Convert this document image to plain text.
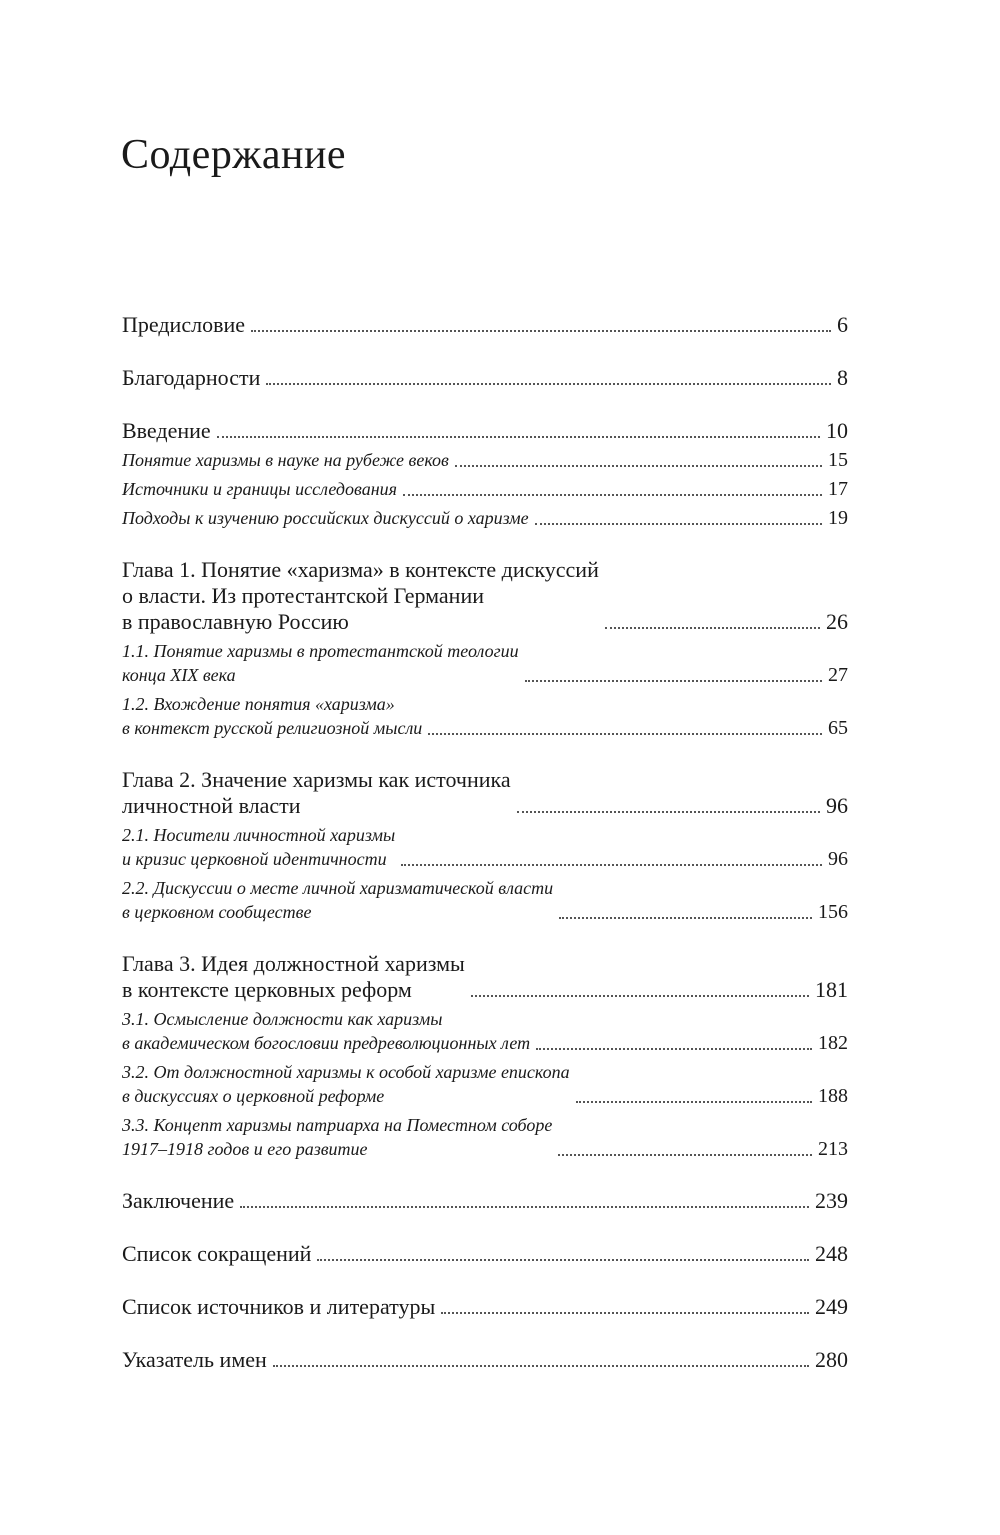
Содержание
Предисловие	6
Благодарности	8
Введение	10
Понятие харизмы в науке на рубеже веков	15
Источники и границы исследования	17
Подходы к изучению российских дискуссий о харизме	19
Глава 1. Понятие «харизма» в контексте дискуссий
о власти. Из протестантской Германии
в православную Россию	26
1.1. Понятие харизмы в протестантской теологии
конца XIX века	27
1.2. Вхождение понятия «харизма»
в контекст русской религиозной мысли	65
Глава 2. Значение харизмы как источника
личностной власти	96
2.1. Носители личностной харизмы
и кризис церковной идентичности	96
2.2. Дискуссии о месте личной харизматической власти
в церковном сообществе	156
Глава 3. Идея должностной харизмы
в контексте церковных реформ	181
3.1. Осмысление должности как харизмы
в академическом богословии предреволюционных лет	182
3.2. От должностной харизмы к особой харизме епископа
в дискуссиях о церковной реформе	188
3.3. Концепт харизмы патриарха на Поместном соборе
1917–1918 годов и его развитие	213
Заключение	239
Список сокращений	248
Список источников и литературы	249
Указатель имен	280
